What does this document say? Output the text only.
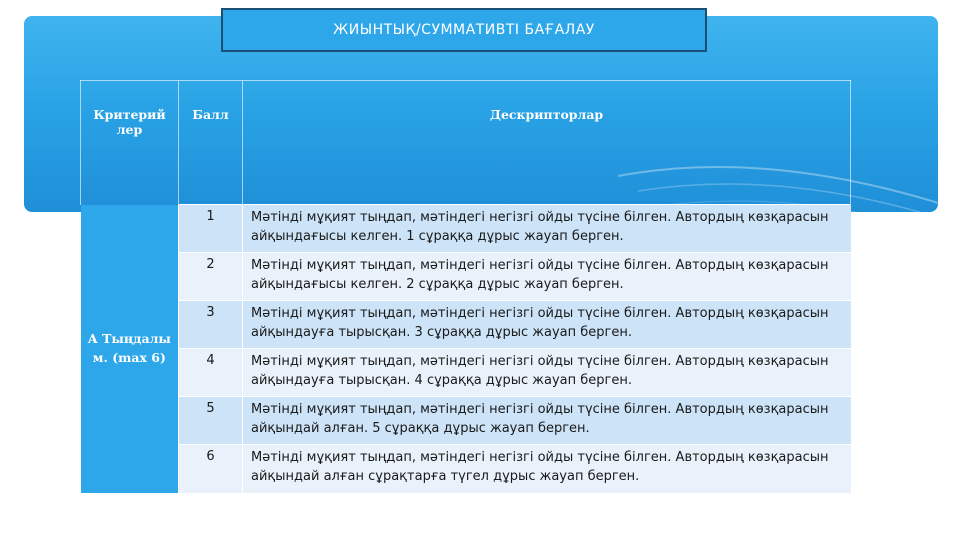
ЖИЫНТЫҚ/СУММАТИВТІ БАҒАЛАУ
Критерий лер	Балл	Дескрипторлар
А Тыңдалы м. (max 6)	1	Мәтінді мұқият тыңдап, мәтіндегі негізгі ойды түсіне білген. Автордың көзқарасын айқындағысы келген. 1 сұраққа дұрыс жауап берген.
	2	Мәтінді мұқият тыңдап, мәтіндегі негізгі ойды түсіне білген. Автордың көзқарасын айқындағысы келген. 2 сұраққа дұрыс жауап берген.
	3	Мәтінді мұқият тыңдап, мәтіндегі негізгі ойды түсіне білген. Автордың көзқарасын айқындауға тырысқан. 3 сұраққа дұрыс жауап берген.
	4	Мәтінді мұқият тыңдап, мәтіндегі негізгі ойды түсіне білген. Автордың көзқарасын айқындауға тырысқан. 4 сұраққа дұрыс жауап берген.
	5	Мәтінді мұқият тыңдап, мәтіндегі негізгі ойды түсіне білген. Автордың көзқарасын айқындай алған. 5 сұраққа дұрыс жауап берген.
	6	Мәтінді мұқият тыңдап, мәтіндегі негізгі ойды түсіне білген. Автордың көзқарасын айқындай алған сұрақтарға түгел дұрыс жауап берген.
